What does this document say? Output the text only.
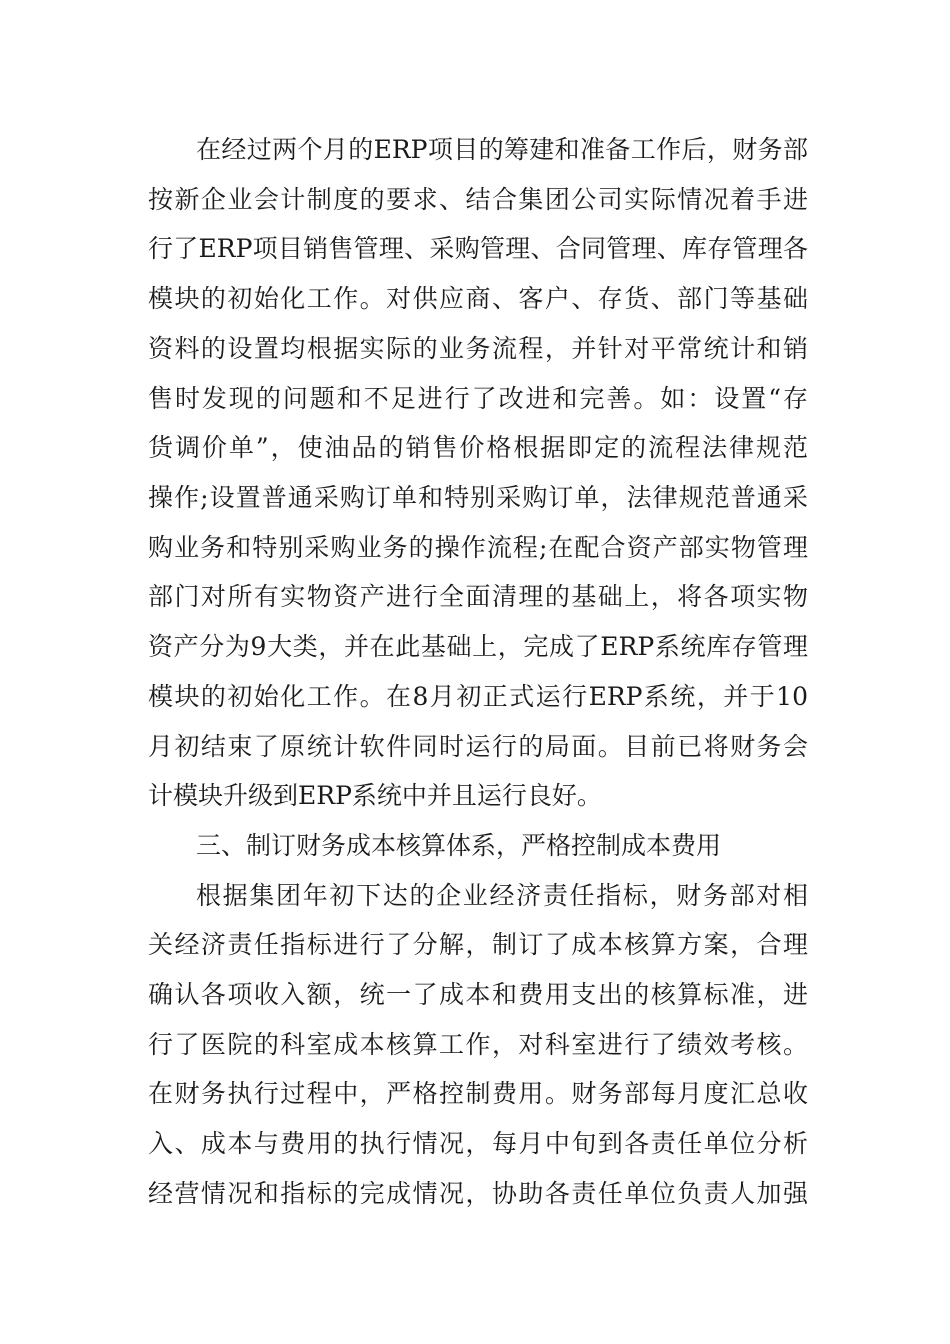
在经过两个月的ERP项目的筹建和准备工作后，财务部
按新企业会计制度的要求、结合集团公司实际情况着手进
行了ERP项目销售管理、采购管理、合同管理、库存管理各
模块的初始化工作。对供应商、客户、存货、部门等基础
资料的设置均根据实际的业务流程，并针对平常统计和销
售时发现的问题和不足进行了改进和完善。如：设置“存
货调价单”，使油品的销售价格根据即定的流程法律规范
操作;设置普通采购订单和特别采购订单，法律规范普通采
购业务和特别采购业务的操作流程;在配合资产部实物管理
部门对所有实物资产进行全面清理的基础上，将各项实物
资产分为9大类，并在此基础上，完成了ERP系统库存管理
模块的初始化工作。在8月初正式运行ERP系统，并于10
月初结束了原统计软件同时运行的局面。目前已将财务会
计模块升级到ERP系统中并且运行良好。
三、制订财务成本核算体系，严格控制成本费用
根据集团年初下达的企业经济责任指标，财务部对相
关经济责任指标进行了分解，制订了成本核算方案，合理
确认各项收入额，统一了成本和费用支出的核算标准，进
行了医院的科室成本核算工作，对科室进行了绩效考核。
在财务执行过程中，严格控制费用。财务部每月度汇总收
入、成本与费用的执行情况，每月中旬到各责任单位分析
经营情况和指标的完成情况，协助各责任单位负责人加强
